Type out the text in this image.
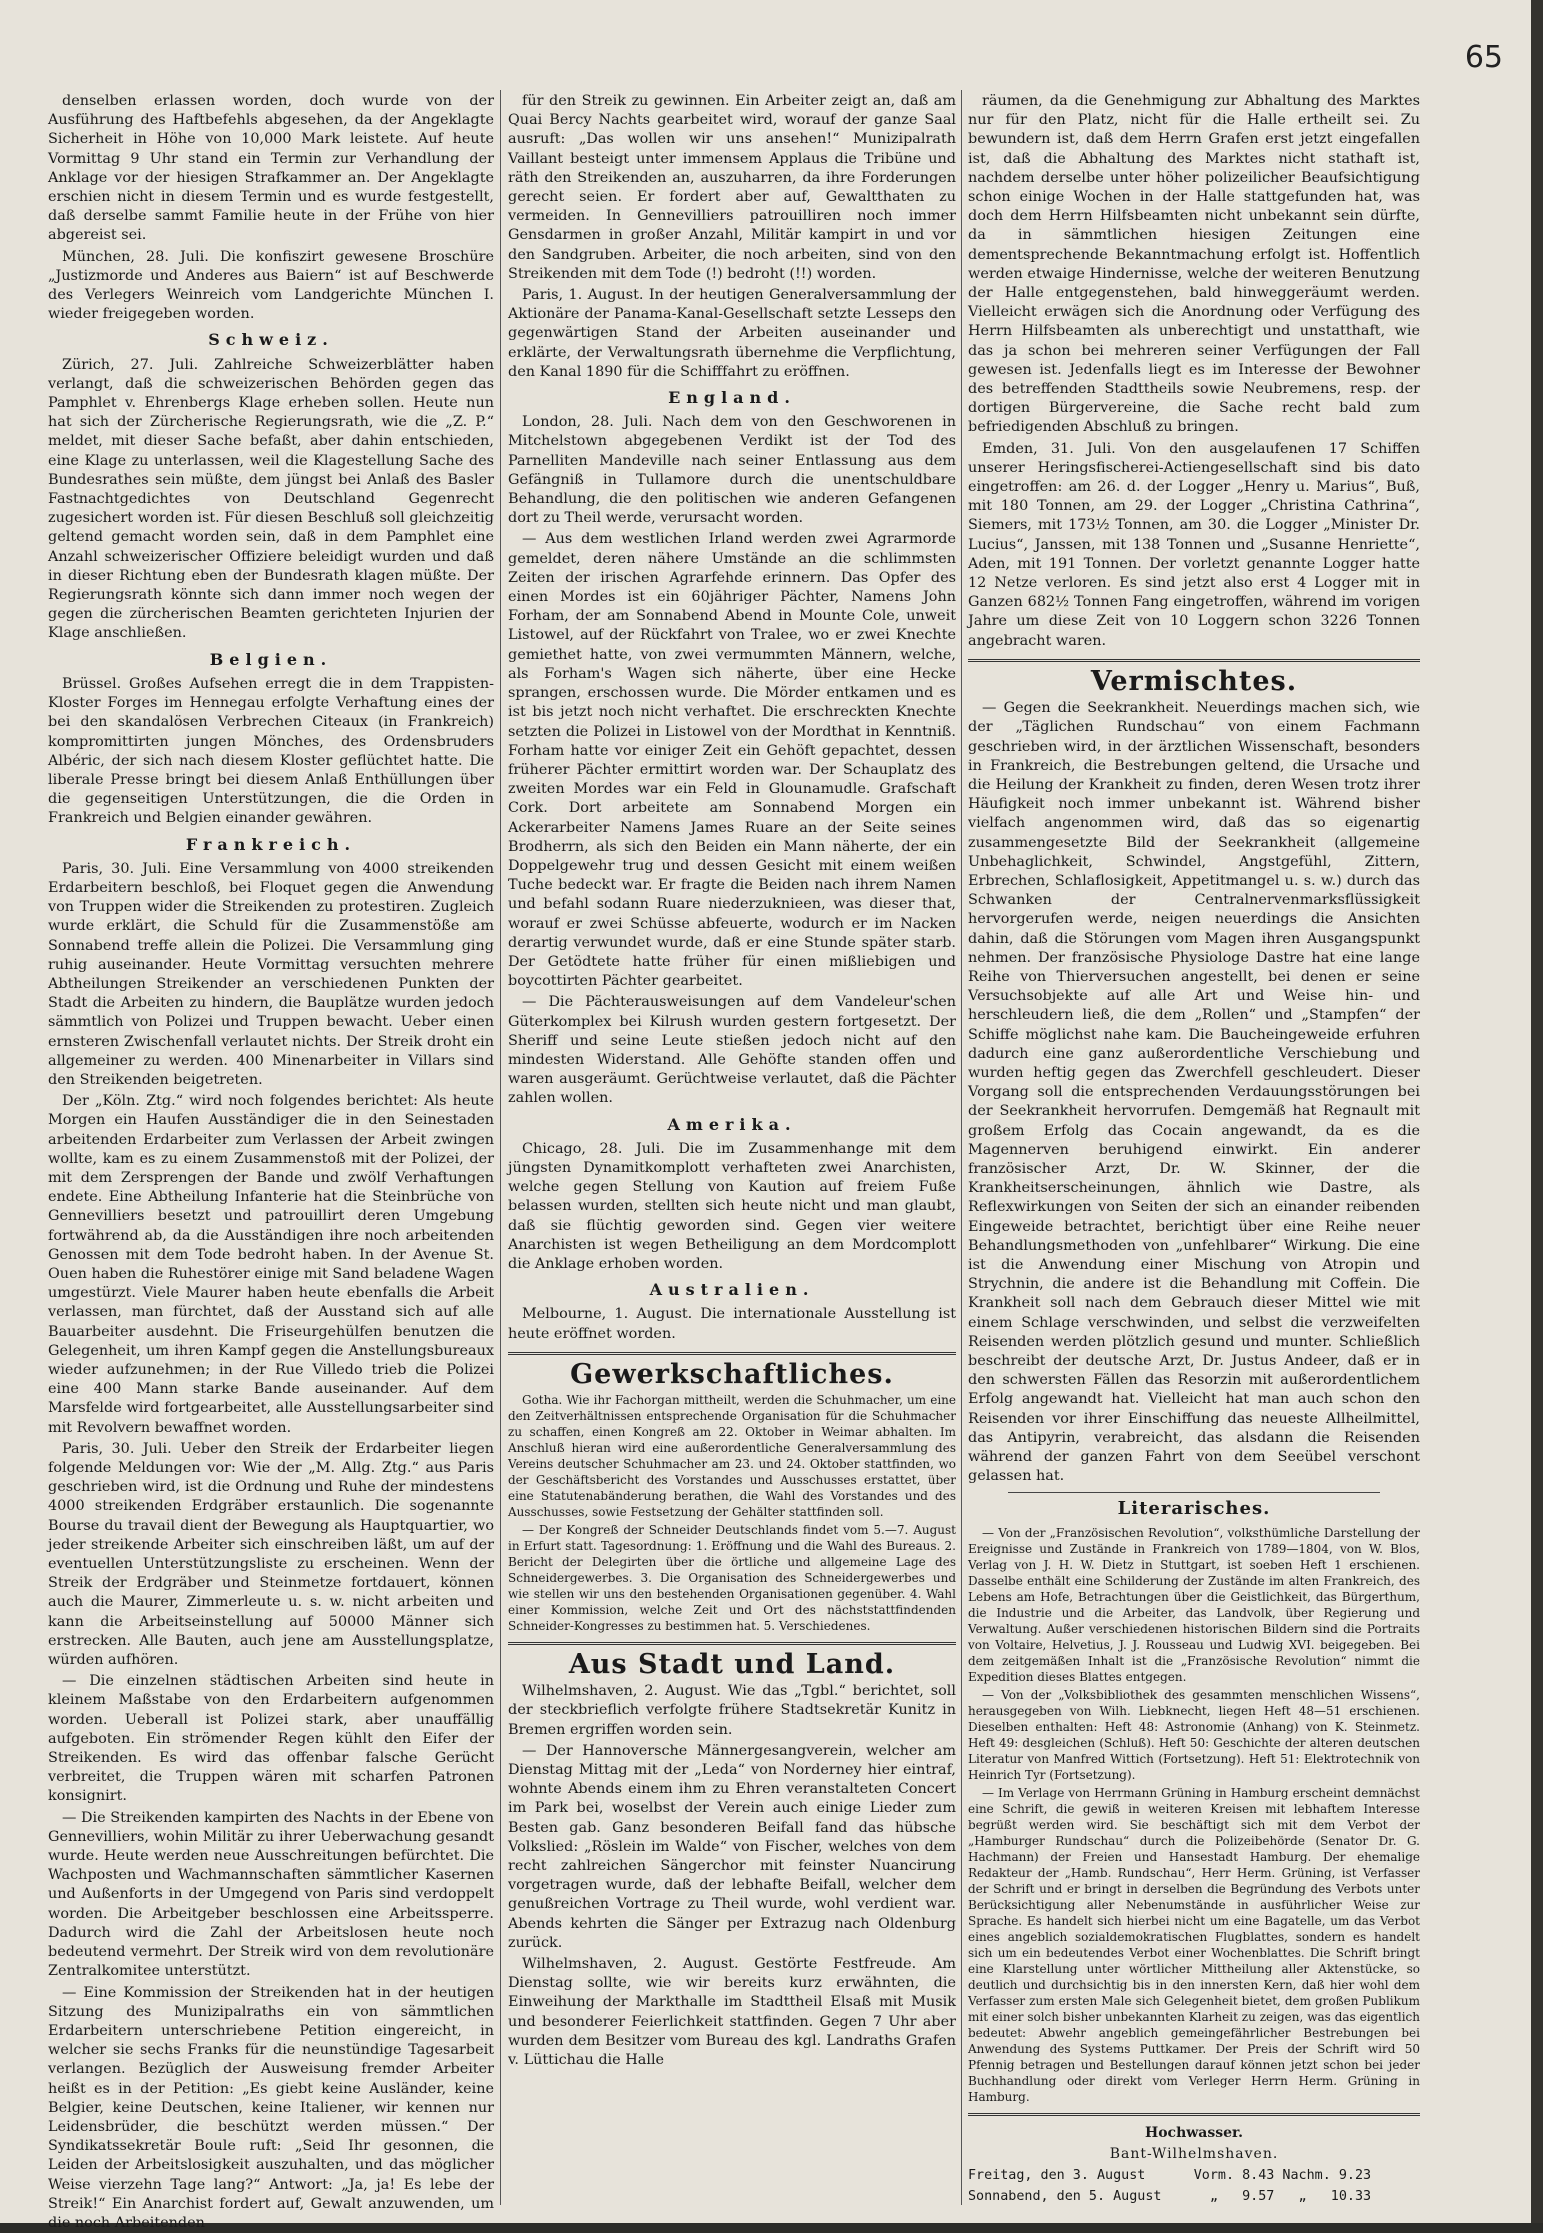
65

denselben erlassen worden, doch wurde von der Ausführung des Haftbefehls abgesehen, da der Angeklagte Sicherheit in Höhe von 10,000 Mark leistete. Auf heute Vormittag 9 Uhr stand ein Termin zur Verhandlung der Anklage vor der hiesigen Strafkammer an. Der Angeklagte erschien nicht in diesem Termin und es wurde festgestellt, daß derselbe sammt Familie heute in der Frühe von hier abgereist sei.

München, 28. Juli. Die konfiszirt gewesene Broschüre „Justizmorde und Anderes aus Baiern“ ist auf Beschwerde des Verlegers Weinreich vom Landgerichte München I. wieder freigegeben worden.

Schweiz.

Zürich, 27. Juli. Zahlreiche Schweizerblätter haben verlangt, daß die schweizerischen Behörden gegen das Pamphlet v. Ehrenbergs Klage erheben sollen. Heute nun hat sich der Zürcherische Regierungsrath, wie die „Z. P.“ meldet, mit dieser Sache befaßt, aber dahin entschieden, eine Klage zu unterlassen, weil die Klagestellung Sache des Bundesrathes sein müßte, dem jüngst bei Anlaß des Basler Fastnachtgedichtes von Deutschland Gegenrecht zugesichert worden ist. Für diesen Beschluß soll gleichzeitig geltend gemacht worden sein, daß in dem Pamphlet eine Anzahl schweizerischer Offiziere beleidigt wurden und daß in dieser Richtung eben der Bundesrath klagen müßte. Der Regierungsrath könnte sich dann immer noch wegen der gegen die zürcherischen Beamten gerichteten Injurien der Klage anschließen.

Belgien.

Brüssel. Großes Aufsehen erregt die in dem Trappisten-Kloster Forges im Hennegau erfolgte Verhaftung eines der bei den skandalösen Verbrechen Citeaux (in Frankreich) kompromittirten jungen Mönches, des Ordensbruders Albéric, der sich nach diesem Kloster geflüchtet hatte. Die liberale Presse bringt bei diesem Anlaß Enthüllungen über die gegenseitigen Unterstützungen, die die Orden in Frankreich und Belgien einander gewähren.

Frankreich.

Paris, 30. Juli. Eine Versammlung von 4000 streikenden Erdarbeitern beschloß, bei Floquet gegen die Anwendung von Truppen wider die Streikenden zu protestiren. Zugleich wurde erklärt, die Schuld für die Zusammenstöße am Sonnabend treffe allein die Polizei. Die Versammlung ging ruhig auseinander. Heute Vormittag versuchten mehrere Abtheilungen Streikender an verschiedenen Punkten der Stadt die Arbeiten zu hindern, die Bauplätze wurden jedoch sämmtlich von Polizei und Truppen bewacht. Ueber einen ernsteren Zwischenfall verlautet nichts. Der Streik droht ein allgemeiner zu werden. 400 Minenarbeiter in Villars sind den Streikenden beigetreten.

Der „Köln. Ztg.“ wird noch folgendes berichtet: Als heute Morgen ein Haufen Ausständiger die in den Seinestaden arbeitenden Erdarbeiter zum Verlassen der Arbeit zwingen wollte, kam es zu einem Zusammenstoß mit der Polizei, der mit dem Zersprengen der Bande und zwölf Verhaftungen endete. Eine Abtheilung Infanterie hat die Steinbrüche von Gennevilliers besetzt und patrouillirt deren Umgebung fortwährend ab, da die Ausständigen ihre noch arbeitenden Genossen mit dem Tode bedroht haben. In der Avenue St. Ouen haben die Ruhestörer einige mit Sand beladene Wagen umgestürzt. Viele Maurer haben heute ebenfalls die Arbeit verlassen, man fürchtet, daß der Ausstand sich auf alle Bauarbeiter ausdehnt. Die Friseurgehülfen benutzen die Gelegenheit, um ihren Kampf gegen die Anstellungsbureaux wieder aufzunehmen; in der Rue Villedo trieb die Polizei eine 400 Mann starke Bande auseinander. Auf dem Marsfelde wird fortgearbeitet, alle Ausstellungsarbeiter sind mit Revolvern bewaffnet worden.

Paris, 30. Juli. Ueber den Streik der Erdarbeiter liegen folgende Meldungen vor: Wie der „M. Allg. Ztg.“ aus Paris geschrieben wird, ist die Ordnung und Ruhe der mindestens 4000 streikenden Erdgräber erstaunlich. Die sogenannte Bourse du travail dient der Bewegung als Hauptquartier, wo jeder streikende Arbeiter sich einschreiben läßt, um auf der eventuellen Unterstützungsliste zu erscheinen. Wenn der Streik der Erdgräber und Steinmetze fortdauert, können auch die Maurer, Zimmerleute u. s. w. nicht arbeiten und kann die Arbeitseinstellung auf 50000 Männer sich erstrecken. Alle Bauten, auch jene am Ausstellungsplatze, würden aufhören.

— Die einzelnen städtischen Arbeiten sind heute in kleinem Maßstabe von den Erdarbeitern aufgenommen worden. Ueberall ist Polizei stark, aber unauffällig aufgeboten. Ein strömender Regen kühlt den Eifer der Streikenden. Es wird das offenbar falsche Gerücht verbreitet, die Truppen wären mit scharfen Patronen konsignirt.

— Die Streikenden kampirten des Nachts in der Ebene von Gennevilliers, wohin Militär zu ihrer Ueberwachung gesandt wurde. Heute werden neue Ausschreitungen befürchtet. Die Wachposten und Wachmannschaften sämmtlicher Kasernen und Außenforts in der Umgegend von Paris sind verdoppelt worden. Die Arbeitgeber beschlossen eine Arbeitssperre. Dadurch wird die Zahl der Arbeitslosen heute noch bedeutend vermehrt. Der Streik wird von dem revolutionäre Zentralkomitee unterstützt.

— Eine Kommission der Streikenden hat in der heutigen Sitzung des Munizipalraths ein von sämmtlichen Erdarbeitern unterschriebene Petition eingereicht, in welcher sie sechs Franks für die neunstündige Tagesarbeit verlangen. Bezüglich der Ausweisung fremder Arbeiter heißt es in der Petition: „Es giebt keine Ausländer, keine Belgier, keine Deutschen, keine Italiener, wir kennen nur Leidensbrüder, die beschützt werden müssen.“ Der Syndikatssekretär Boule ruft: „Seid Ihr gesonnen, die Leiden der Arbeitslosigkeit auszuhalten, und das möglicher Weise vierzehn Tage lang?“ Antwort: „Ja, ja! Es lebe der Streik!“ Ein Anarchist fordert auf, Gewalt anzuwenden, um die noch Arbeitenden

für den Streik zu gewinnen. Ein Arbeiter zeigt an, daß am Quai Bercy Nachts gearbeitet wird, worauf der ganze Saal ausruft: „Das wollen wir uns ansehen!“ Munizipalrath Vaillant besteigt unter immensem Applaus die Tribüne und räth den Streikenden an, auszuharren, da ihre Forderungen gerecht seien. Er fordert aber auf, Gewaltthaten zu vermeiden. In Gennevilliers patrouilliren noch immer Gensdarmen in großer Anzahl, Militär kampirt in und vor den Sandgruben. Arbeiter, die noch arbeiten, sind von den Streikenden mit dem Tode (!) bedroht (!!) worden.

Paris, 1. August. In der heutigen Generalversammlung der Aktionäre der Panama-Kanal-Gesellschaft setzte Lesseps den gegenwärtigen Stand der Arbeiten auseinander und erklärte, der Verwaltungsrath übernehme die Verpflichtung, den Kanal 1890 für die Schifffahrt zu eröffnen.

England.

London, 28. Juli. Nach dem von den Geschworenen in Mitchelstown abgegebenen Verdikt ist der Tod des Parnelliten Mandeville nach seiner Entlassung aus dem Gefängniß in Tullamore durch die unentschuldbare Behandlung, die den politischen wie anderen Gefangenen dort zu Theil werde, verursacht worden.

— Aus dem westlichen Irland werden zwei Agrarmorde gemeldet, deren nähere Umstände an die schlimmsten Zeiten der irischen Agrarfehde erinnern. Das Opfer des einen Mordes ist ein 60jähriger Pächter, Namens John Forham, der am Sonnabend Abend in Mounte Cole, unweit Listowel, auf der Rückfahrt von Tralee, wo er zwei Knechte gemiethet hatte, von zwei vermummten Männern, welche, als Forham's Wagen sich näherte, über eine Hecke sprangen, erschossen wurde. Die Mörder entkamen und es ist bis jetzt noch nicht verhaftet. Die erschreckten Knechte setzten die Polizei in Listowel von der Mordthat in Kenntniß. Forham hatte vor einiger Zeit ein Gehöft gepachtet, dessen früherer Pächter ermittirt worden war. Der Schauplatz des zweiten Mordes war ein Feld in Glounamudle. Grafschaft Cork. Dort arbeitete am Sonnabend Morgen ein Ackerarbeiter Namens James Ruare an der Seite seines Brodherrn, als sich den Beiden ein Mann näherte, der ein Doppelgewehr trug und dessen Gesicht mit einem weißen Tuche bedeckt war. Er fragte die Beiden nach ihrem Namen und befahl sodann Ruare niederzuknieen, was dieser that, worauf er zwei Schüsse abfeuerte, wodurch er im Nacken derartig verwundet wurde, daß er eine Stunde später starb. Der Getödtete hatte früher für einen mißliebigen und boycottirten Pächter gearbeitet.

— Die Pächterausweisungen auf dem Vandeleur'schen Güterkomplex bei Kilrush wurden gestern fortgesetzt. Der Sheriff und seine Leute stießen jedoch nicht auf den mindesten Widerstand. Alle Gehöfte standen offen und waren ausgeräumt. Gerüchtweise verlautet, daß die Pächter zahlen wollen.

Amerika.

Chicago, 28. Juli. Die im Zusammenhange mit dem jüngsten Dynamitkomplott verhafteten zwei Anarchisten, welche gegen Stellung von Kaution auf freiem Fuße belassen wurden, stellten sich heute nicht und man glaubt, daß sie flüchtig geworden sind. Gegen vier weitere Anarchisten ist wegen Betheiligung an dem Mordcomplott die Anklage erhoben worden.

Australien.

Melbourne, 1. August. Die internationale Ausstellung ist heute eröffnet worden.

Gewerkschaftliches.

Gotha. Wie ihr Fachorgan mittheilt, werden die Schuhmacher, um eine den Zeitverhältnissen entsprechende Organisation für die Schuhmacher zu schaffen, einen Kongreß am 22. Oktober in Weimar abhalten. Im Anschluß hieran wird eine außerordentliche Generalversammlung des Vereins deutscher Schuhmacher am 23. und 24. Oktober stattfinden, wo der Geschäftsbericht des Vorstandes und Ausschusses erstattet, über eine Statutenabänderung berathen, die Wahl des Vorstandes und des Ausschusses, sowie Festsetzung der Gehälter stattfinden soll.

— Der Kongreß der Schneider Deutschlands findet vom 5.—7. August in Erfurt statt. Tagesordnung: 1. Eröffnung und die Wahl des Bureaus. 2. Bericht der Delegirten über die örtliche und allgemeine Lage des Schneidergewerbes. 3. Die Organisation des Schneidergewerbes und wie stellen wir uns den bestehenden Organisationen gegenüber. 4. Wahl einer Kommission, welche Zeit und Ort des nächststattfindenden Schneider-Kongresses zu bestimmen hat. 5. Verschiedenes.

Aus Stadt und Land.

Wilhelmshaven, 2. August. Wie das „Tgbl.“ berichtet, soll der steckbrieflich verfolgte frühere Stadtsekretär Kunitz in Bremen ergriffen worden sein.

— Der Hannoversche Männergesangverein, welcher am Dienstag Mittag mit der „Leda“ von Norderney hier eintraf, wohnte Abends einem ihm zu Ehren veranstalteten Concert im Park bei, woselbst der Verein auch einige Lieder zum Besten gab. Ganz besonderen Beifall fand das hübsche Volkslied: „Röslein im Walde“ von Fischer, welches von dem recht zahlreichen Sängerchor mit feinster Nuancirung vorgetragen wurde, daß der lebhafte Beifall, welcher dem genußreichen Vortrage zu Theil wurde, wohl verdient war. Abends kehrten die Sänger per Extrazug nach Oldenburg zurück.

Wilhelmshaven, 2. August. Gestörte Festfreude. Am Dienstag sollte, wie wir bereits kurz erwähnten, die Einweihung der Markthalle im Stadttheil Elsaß mit Musik und besonderer Feierlichkeit stattfinden. Gegen 7 Uhr aber wurden dem Besitzer vom Bureau des kgl. Landraths Grafen v. Lüttichau die Halle

räumen, da die Genehmigung zur Abhaltung des Marktes nur für den Platz, nicht für die Halle ertheilt sei. Zu bewundern ist, daß dem Herrn Grafen erst jetzt eingefallen ist, daß die Abhaltung des Marktes nicht stathaft ist, nachdem derselbe unter höher polizeilicher Beaufsichtigung schon einige Wochen in der Halle stattgefunden hat, was doch dem Herrn Hilfsbeamten nicht unbekannt sein dürfte, da in sämmtlichen hiesigen Zeitungen eine dementsprechende Bekanntmachung erfolgt ist. Hoffentlich werden etwaige Hindernisse, welche der weiteren Benutzung der Halle entgegenstehen, bald hinweggeräumt werden. Vielleicht erwägen sich die Anordnung oder Verfügung des Herrn Hilfsbeamten als unberechtigt und unstatthaft, wie das ja schon bei mehreren seiner Verfügungen der Fall gewesen ist. Jedenfalls liegt es im Interesse der Bewohner des betreffenden Stadttheils sowie Neubremens, resp. der dortigen Bürgervereine, die Sache recht bald zum befriedigenden Abschluß zu bringen.

Emden, 31. Juli. Von den ausgelaufenen 17 Schiffen unserer Heringsfischerei-Actiengesellschaft sind bis dato eingetroffen: am 26. d. der Logger „Henry u. Marius“, Buß, mit 180 Tonnen, am 29. der Logger „Christina Cathrina“, Siemers, mit 173½ Tonnen, am 30. die Logger „Minister Dr. Lucius“, Janssen, mit 138 Tonnen und „Susanne Henriette“, Aden, mit 191 Tonnen. Der vorletzt genannte Logger hatte 12 Netze verloren. Es sind jetzt also erst 4 Logger mit in Ganzen 682½ Tonnen Fang eingetroffen, während im vorigen Jahre um diese Zeit von 10 Loggern schon 3226 Tonnen angebracht waren.

Vermischtes.

— Gegen die Seekrankheit. Neuerdings machen sich, wie der „Täglichen Rundschau“ von einem Fachmann geschrieben wird, in der ärztlichen Wissenschaft, besonders in Frankreich, die Bestrebungen geltend, die Ursache und die Heilung der Krankheit zu finden, deren Wesen trotz ihrer Häufigkeit noch immer unbekannt ist. Während bisher vielfach angenommen wird, daß das so eigenartig zusammengesetzte Bild der Seekrankheit (allgemeine Unbehaglichkeit, Schwindel, Angstgefühl, Zittern, Erbrechen, Schlaflosigkeit, Appetitmangel u. s. w.) durch das Schwanken der Centralnervenmarksflüssigkeit hervorgerufen werde, neigen neuerdings die Ansichten dahin, daß die Störungen vom Magen ihren Ausgangspunkt nehmen. Der französische Physiologe Dastre hat eine lange Reihe von Thierversuchen angestellt, bei denen er seine Versuchsobjekte auf alle Art und Weise hin- und herschleudern ließ, die dem „Rollen“ und „Stampfen“ der Schiffe möglichst nahe kam. Die Baucheingeweide erfuhren dadurch eine ganz außerordentliche Verschiebung und wurden heftig gegen das Zwerchfell geschleudert. Dieser Vorgang soll die entsprechenden Verdauungsstörungen bei der Seekrankheit hervorrufen. Demgemäß hat Regnault mit großem Erfolg das Cocain angewandt, da es die Magennerven beruhigend einwirkt. Ein anderer französischer Arzt, Dr. W. Skinner, der die Krankheitserscheinungen, ähnlich wie Dastre, als Reflexwirkungen von Seiten der sich an einander reibenden Eingeweide betrachtet, berichtigt über eine Reihe neuer Behandlungsmethoden von „unfehlbarer“ Wirkung. Die eine ist die Anwendung einer Mischung von Atropin und Strychnin, die andere ist die Behandlung mit Coffein. Die Krankheit soll nach dem Gebrauch dieser Mittel wie mit einem Schlage verschwinden, und selbst die verzweifelten Reisenden werden plötzlich gesund und munter. Schließlich beschreibt der deutsche Arzt, Dr. Justus Andeer, daß er in den schwersten Fällen das Resorzin mit außerordentlichem Erfolg angewandt hat. Vielleicht hat man auch schon den Reisenden vor ihrer Einschiffung das neueste Allheilmittel, das Antipyrin, verabreicht, das alsdann die Reisenden während der ganzen Fahrt von dem Seeübel verschont gelassen hat.

Literarisches.

— Von der „Französischen Revolution“, volksthümliche Darstellung der Ereignisse und Zustände in Frankreich von 1789—1804, von W. Blos, Verlag von J. H. W. Dietz in Stuttgart, ist soeben Heft 1 erschienen. Dasselbe enthält eine Schilderung der Zustände im alten Frankreich, des Lebens am Hofe, Betrachtungen über die Geistlichkeit, das Bürgerthum, die Industrie und die Arbeiter, das Landvolk, über Regierung und Verwaltung. Außer verschiedenen historischen Bildern sind die Portraits von Voltaire, Helvetius, J. J. Rousseau und Ludwig XVI. beigegeben. Bei dem zeitgemäßen Inhalt ist die „Französische Revolution“ nimmt die Expedition dieses Blattes entgegen.

— Von der „Volksbibliothek des gesammten menschlichen Wissens“, herausgegeben von Wilh. Liebknecht, liegen Heft 48—51 erschienen. Dieselben enthalten: Heft 48: Astronomie (Anhang) von K. Steinmetz. Heft 49: desgleichen (Schluß). Heft 50: Geschichte der alteren deutschen Literatur von Manfred Wittich (Fortsetzung). Heft 51: Elektrotechnik von Heinrich Tyr (Fortsetzung).

— Im Verlage von Herrmann Grüning in Hamburg erscheint demnächst eine Schrift, die gewiß in weiteren Kreisen mit lebhaftem Interesse begrüßt werden wird. Sie beschäftigt sich mit dem Verbot der „Hamburger Rundschau“ durch die Polizeibehörde (Senator Dr. G. Hachmann) der Freien und Hansestadt Hamburg. Der ehemalige Redakteur der „Hamb. Rundschau“, Herr Herm. Grüning, ist Verfasser der Schrift und er bringt in derselben die Begründung des Verbots unter Berücksichtigung aller Nebenumstände in ausführlicher Weise zur Sprache. Es handelt sich hierbei nicht um eine Bagatelle, um das Verbot eines angeblich sozialdemokratischen Flugblattes, sondern es handelt sich um ein bedeutendes Verbot einer Wochenblattes. Die Schrift bringt eine Klarstellung unter wörtlicher Mittheilung aller Aktenstücke, so deutlich und durchsichtig bis in den innersten Kern, daß hier wohl dem Verfasser zum ersten Male sich Gelegenheit bietet, dem großen Publikum mit einer solch bisher unbekannten Klarheit zu zeigen, was das eigentlich bedeutet: Abwehr angeblich gemeingefährlicher Bestrebungen bei Anwendung des Systems Puttkamer. Der Preis der Schrift wird 50 Pfennig betragen und Bestellungen darauf können jetzt schon bei jeder Buchhandlung oder direkt vom Verleger Herrn Herm. Grüning in Hamburg.

Hochwasser.

Bant-Wilhelmshaven.

Freitag, den 3. August      Vorm. 8.43 Nachm. 9.23

Sonnabend, den 5. August      „   9.57   „   10.33
